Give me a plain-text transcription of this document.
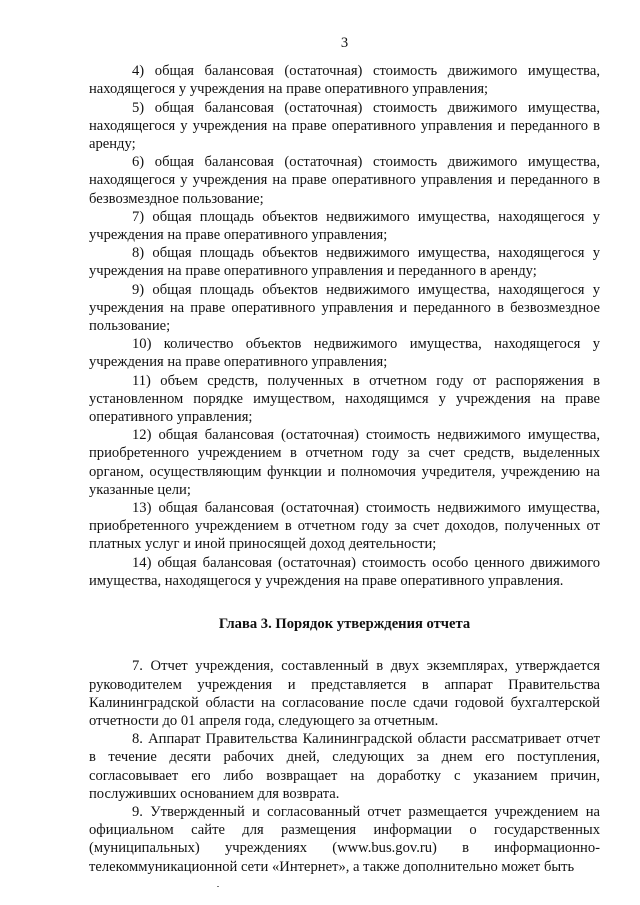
3

4) общая балансовая (остаточная) стоимость движимого имущества, находящегося у учреждения на праве оперативного управления;

5) общая балансовая (остаточная) стоимость движимого имущества, находящегося у учреждения на праве оперативного управления и переданного в аренду;

6) общая балансовая (остаточная) стоимость движимого имущества, находящегося у учреждения на праве оперативного управления и переданного в безвозмездное пользование;

7) общая площадь объектов недвижимого имущества, находящегося у учреждения на праве оперативного управления;

8) общая площадь объектов недвижимого имущества, находящегося у учреждения на праве оперативного управления и переданного в аренду;

9) общая площадь объектов недвижимого имущества, находящегося у учреждения на праве оперативного управления и переданного в безвозмездное пользование;

10) количество объектов недвижимого имущества, находящегося у учреждения на праве оперативного управления;

11) объем средств, полученных в отчетном году от распоряжения в установленном порядке имуществом, находящимся у учреждения на праве оперативного управления;

12) общая балансовая (остаточная) стоимость недвижимого имущества, приобретенного учреждением в отчетном году за счет средств, выделенных органом, осуществляющим функции и полномочия учредителя, учреждению на указанные цели;

13) общая балансовая (остаточная) стоимость недвижимого имущества, приобретенного учреждением в отчетном году за счет доходов, полученных от платных услуг и иной приносящей доход деятельности;

14) общая балансовая (остаточная) стоимость особо ценного движимого имущества, находящегося у учреждения на праве оперативного управления.

Глава 3. Порядок утверждения отчета

7. Отчет учреждения, составленный в двух экземплярах, утверждается руководителем учреждения и представляется в аппарат Правительства Калининградской области на согласование после сдачи годовой бухгалтерской отчетности до 01 апреля года, следующего за отчетным.

8. Аппарат Правительства Калининградской области рассматривает отчет в течение десяти рабочих дней, следующих за днем его поступления, согласовывает его либо возвращает на доработку с указанием причин, послуживших основанием для возврата.

9. Утвержденный и согласованный отчет размещается учреждением на официальном сайте для размещения информации о государственных (муниципальных) учреждениях (www.bus.gov.ru) в информационно-телекоммуникационной сети «Интернет», а также дополнительно может быть
